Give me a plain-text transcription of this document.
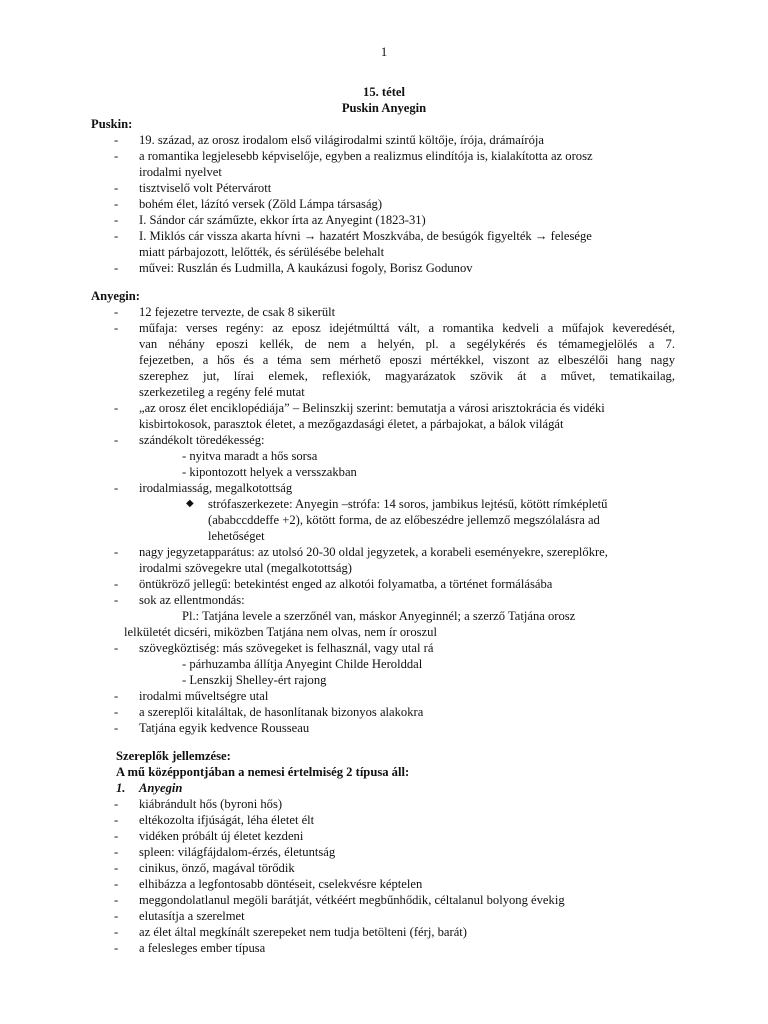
1
15. tétel
Puskin Anyegin
Puskin:
- 19. század, az orosz irodalom első világirodalmi szintű költője, írója, drámaírója
- a romantika legjelesebb képviselője, egyben a realizmus elindítója is, kialakította az orosz
irodalmi nyelvet
- tisztviselő volt Pétervárott
- bohém élet, lázító versek (Zöld Lámpa társaság)
- I. Sándor cár száműzte, ekkor írta az Anyegint (1823-31)
- I. Miklós cár vissza akarta hívni → hazatért Moszkvába, de besúgók figyelték → felesége
miatt párbajozott, lelőtték, és sérülésébe belehalt
- művei: Ruszlán és Ludmilla, A kaukázusi fogoly, Borisz Godunov
Anyegin:
- 12 fejezetre tervezte, de csak 8 sikerült
- műfaja: verses regény: az eposz idejétmúlttá vált, a romantika kedveli a műfajok keveredését,
van néhány eposzi kellék, de nem a helyén, pl. a segélykérés és témamegjelölés a 7.
fejezetben, a hős és a téma sem mérhető eposzi mértékkel, viszont az elbeszélői hang nagy
szerephez jut, lírai elemek, reflexiók, magyarázatok szövik át a művet, tematikailag,
szerkezetileg a regény felé mutat
- „az orosz élet enciklopédiája” – Belinszkij szerint: bemutatja a városi arisztokrácia és vidéki
kisbirtokosok, parasztok életet, a mezőgazdasági életet, a párbajokat, a bálok világát
- szándékolt töredékesség:
- nyitva maradt a hős sorsa
- kipontozott helyek a versszakban
- irodalmiasság, megalkotottság
◆ strófaszerkezete: Anyegin –strófa: 14 soros, jambikus lejtésű, kötött rímképletű
(ababccddeffe +2), kötött forma, de az előbeszédre jellemző megszólalásra ad
lehetőséget
- nagy jegyzetapparátus: az utolsó 20-30 oldal jegyzetek, a korabeli eseményekre, szereplőkre,
irodalmi szövegekre utal (megalkotottság)
- öntükröző jellegű: betekintést enged az alkotói folyamatba, a történet formálásába
- sok az ellentmondás:
Pl.: Tatjána levele a szerzőnél van, máskor Anyeginnél; a szerző Tatjána orosz
lelkületét dicséri, miközben Tatjána nem olvas, nem ír oroszul
- szövegköztiség: más szövegeket is felhasznál, vagy utal rá
- párhuzamba állítja Anyegint Childe Herolddal
- Lenszkij Shelley-ért rajong
- irodalmi műveltségre utal
- a szereplői kitaláltak, de hasonlítanak bizonyos alakokra
- Tatjána egyik kedvence Rousseau
Szereplők jellemzése:
A mű középpontjában a nemesi értelmiség 2 típusa áll:
1. Anyegin
- kiábrándult hős (byroni hős)
- eltékozolta ifjúságát, léha életet élt
- vidéken próbált új életet kezdeni
- spleen: világfájdalom-érzés, életuntság
- cinikus, önző, magával törődik
- elhibázza a legfontosabb döntéseit, cselekvésre képtelen
- meggondolatlanul megöli barátját, vétkéért megbűnhődik, céltalanul bolyong évekig
- elutasítja a szerelmet
- az élet által megkínált szerepeket nem tudja betölteni (férj, barát)
- a felesleges ember típusa
